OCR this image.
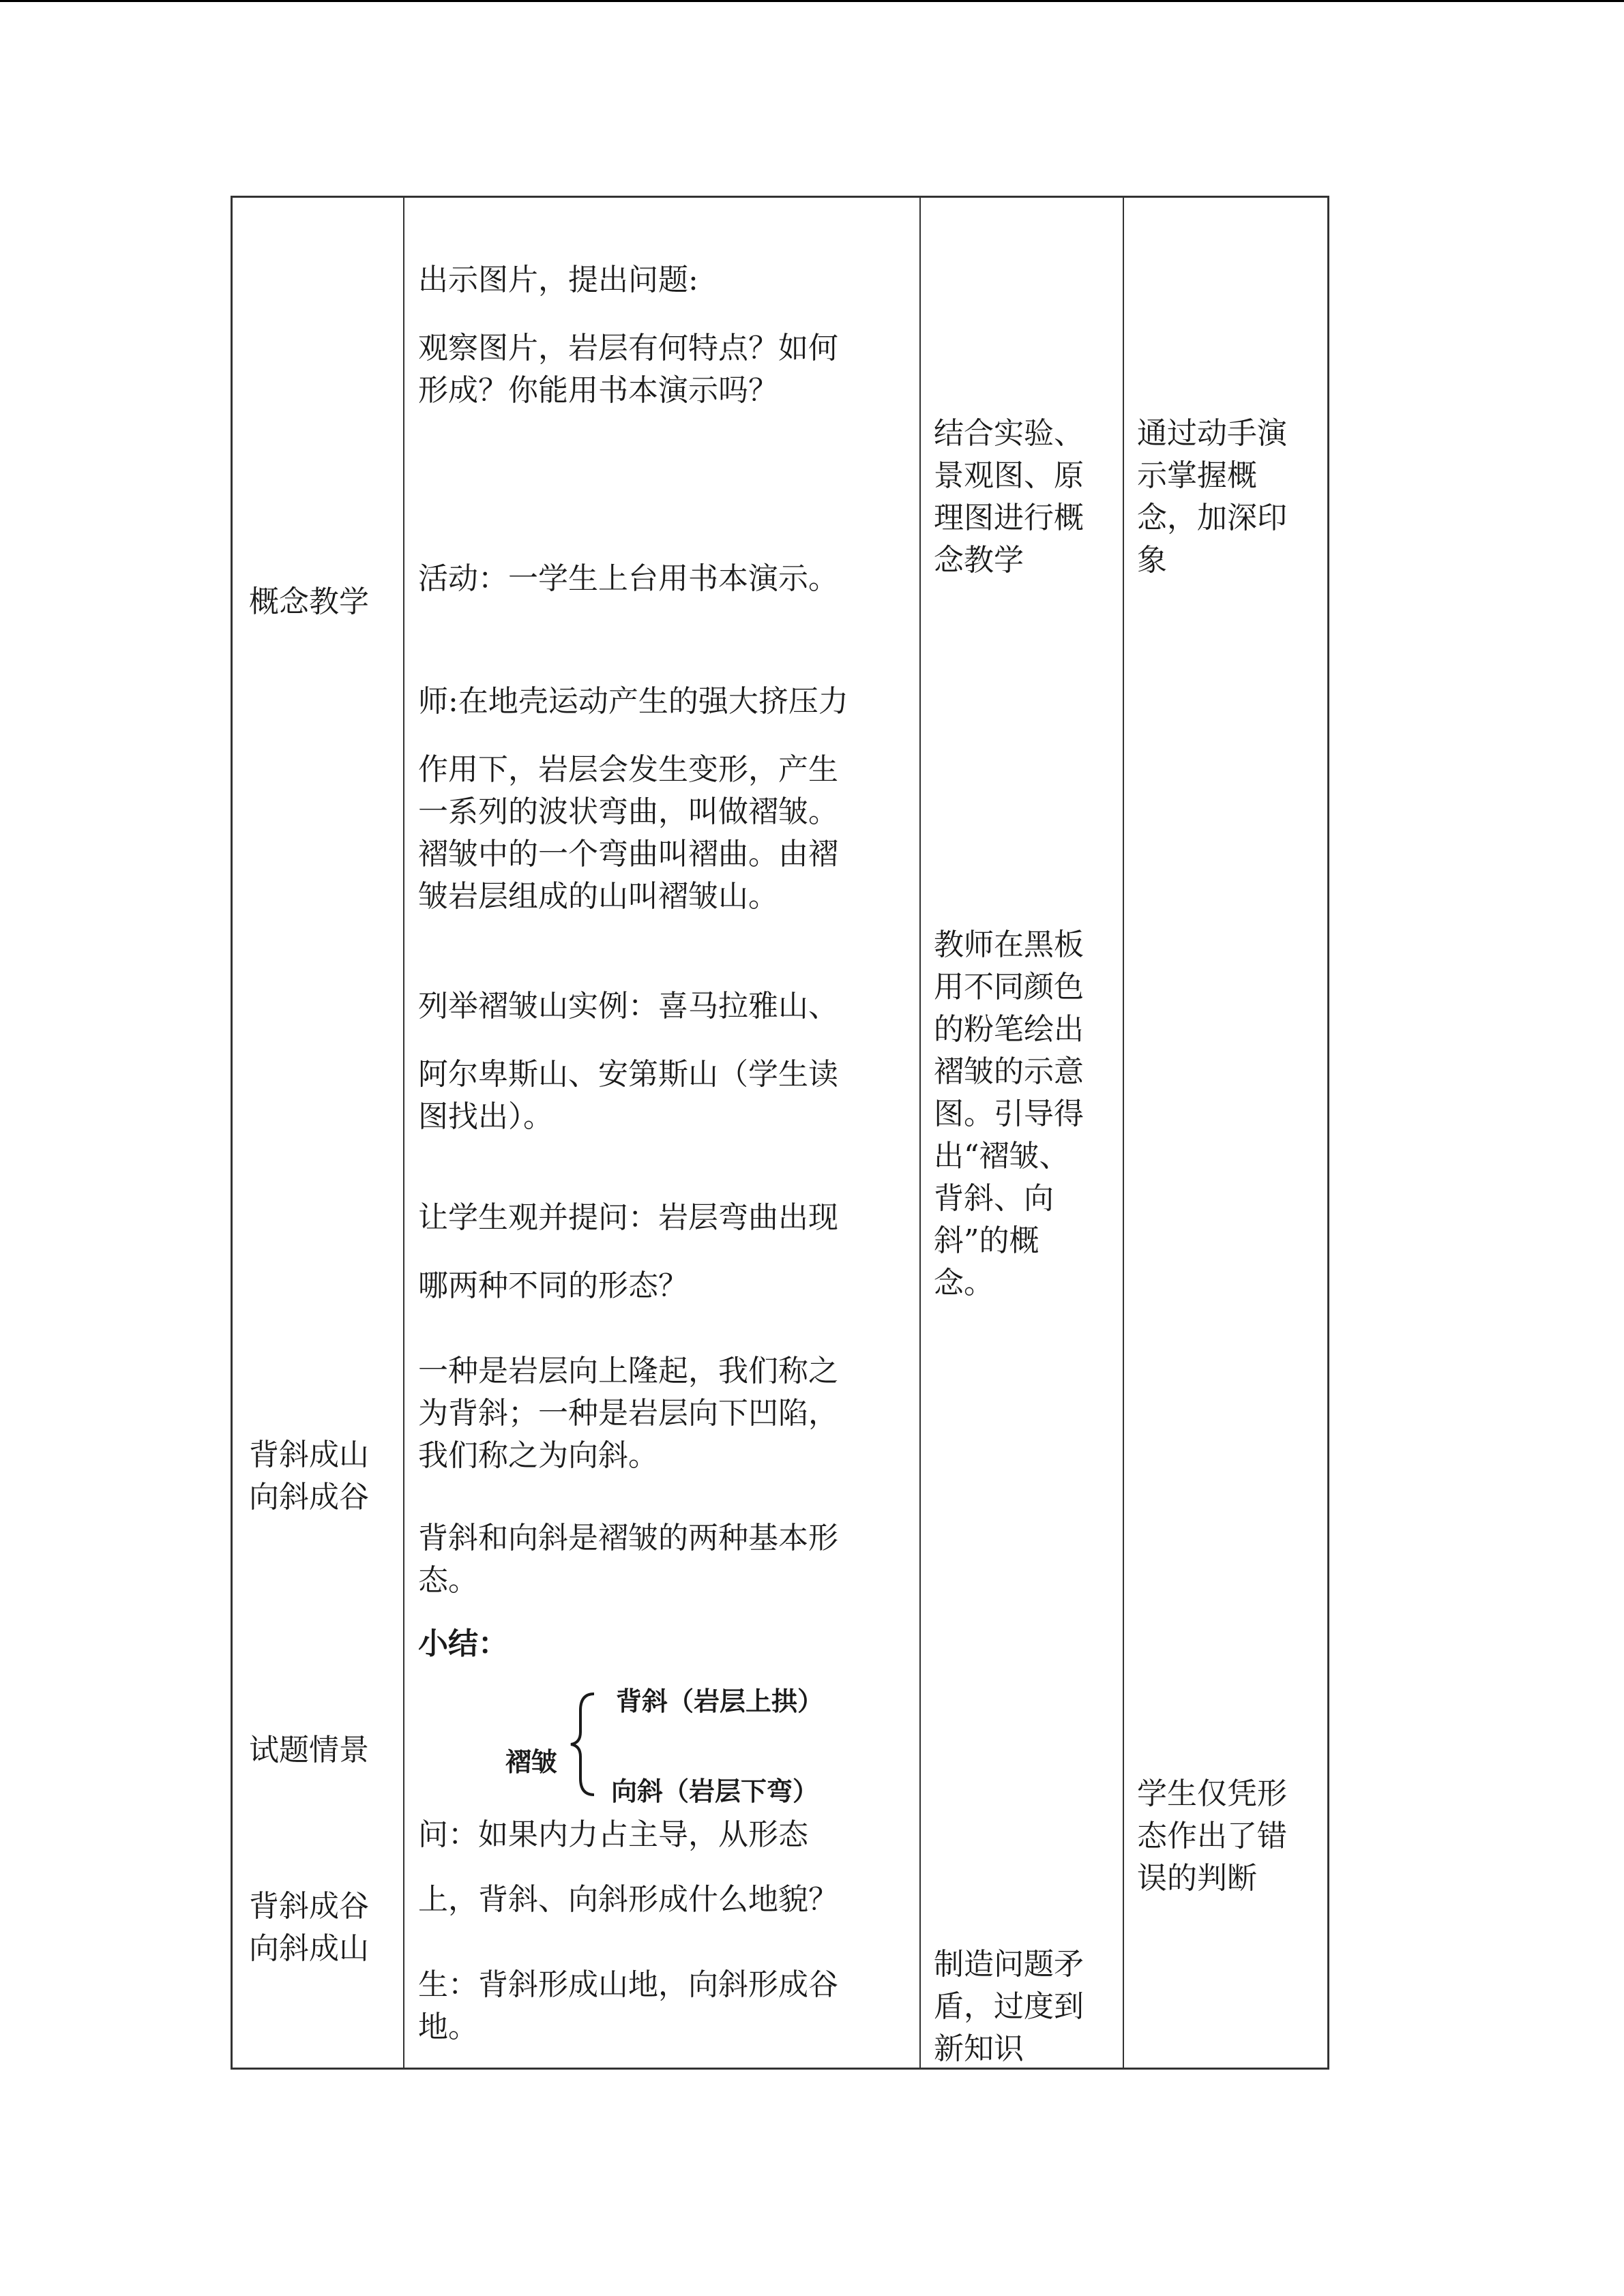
概念教学
背斜成山
向斜成谷
试题情景
背斜成谷
向斜成山
出示图片，提出问题:
观察图片，岩层有何特点？如何
形成？你能用书本演示吗？
活动：一学生上台用书本演示。
师:在地壳运动产生的强大挤压力
作用下，岩层会发生变形，产生
一系列的波状弯曲，叫做褶皱。
褶皱中的一个弯曲叫褶曲。由褶
皱岩层组成的山叫褶皱山。
列举褶皱山实例：喜马拉雅山、
阿尔卑斯山、安第斯山（学生读
图找出）。
让学生观并提问：岩层弯曲出现
哪两种不同的形态？
一种是岩层向上隆起，我们称之
为背斜；一种是岩层向下凹陷，
我们称之为向斜。
背斜和向斜是褶皱的两种基本形
态。
小结：
褶皱
背斜（岩层上拱）
向斜（岩层下弯）
问：如果内力占主导，从形态
上，背斜、向斜形成什么地貌？
生：背斜形成山地，向斜形成谷
地。
结合实验、
景观图、原
理图进行概
念教学
教师在黑板
用不同颜色
的粉笔绘出
褶皱的示意
图。引导得
出“褶皱、
背斜、向
斜”的概
念。
制造问题矛
盾，过度到
新知识
通过动手演
示掌握概
念，加深印
象
学生仅凭形
态作出了错
误的判断
